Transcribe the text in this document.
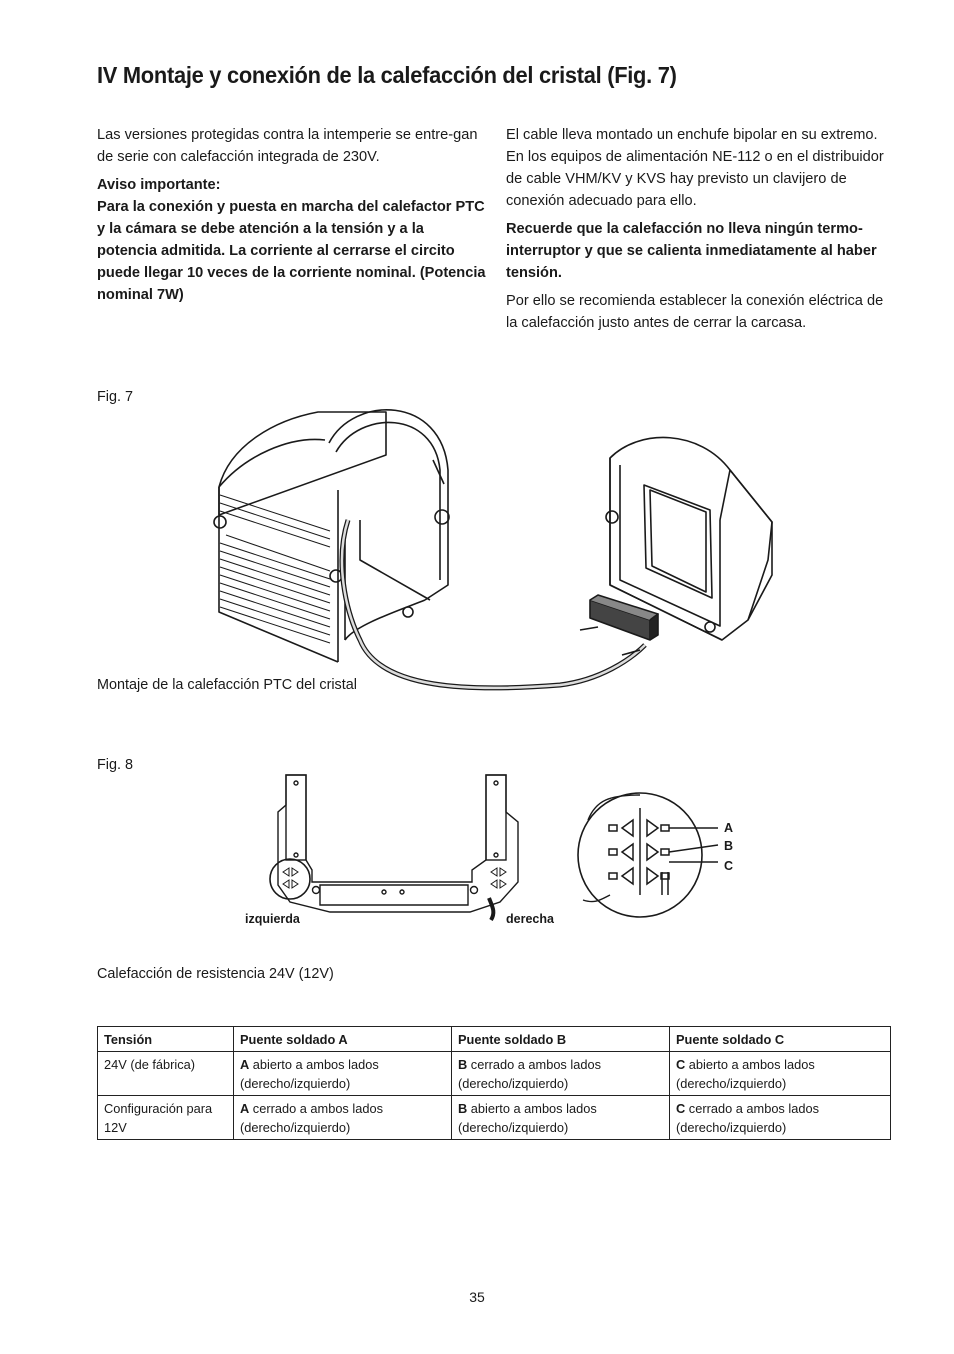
IV Montaje y conexión de la calefacción del cristal (Fig. 7)

Las versiones protegidas contra la intemperie se entre-gan de serie con calefacción integrada de 230V.

Aviso importante:

Para la conexión y puesta en marcha del calefactor PTC y la cámara se debe atención a la tensión y a la potencia admitida. La corriente al cerrarse el circito puede llegar 10 veces de la corriente nominal. (Potencia nominal 7W)

El cable lleva montado un enchufe bipolar en su extremo. En los equipos de alimentación NE-112 o en el distribuidor de cable VHM/KV y KVS hay previsto un clavijero de conexión adecuado para ello.

Recuerde que la calefacción no lleva ningún termo-interruptor y que se calienta inmediatamente al haber tensión.

Por ello se recomienda establecer la conexión eléctrica de la calefacción justo antes de cerrar la carcasa.

Fig. 7
Montaje de la calefacción PTC del cristal
Fig. 8
A
B
C
izquierda	derecha
Calefacción de resistencia 24V (12V)
Tensión	Puente soldado A	Puente soldado B	Puente soldado C
24V (de fábrica)	A abierto a ambos lados (derecho/izquierdo)	B cerrado a ambos lados (derecho/izquierdo)	C abierto a ambos lados (derecho/izquierdo)
Configuración para 12V	A cerrado a ambos lados (derecho/izquierdo)	B abierto a ambos lados (derecho/izquierdo)	C cerrado a ambos lados (derecho/izquierdo)
35
